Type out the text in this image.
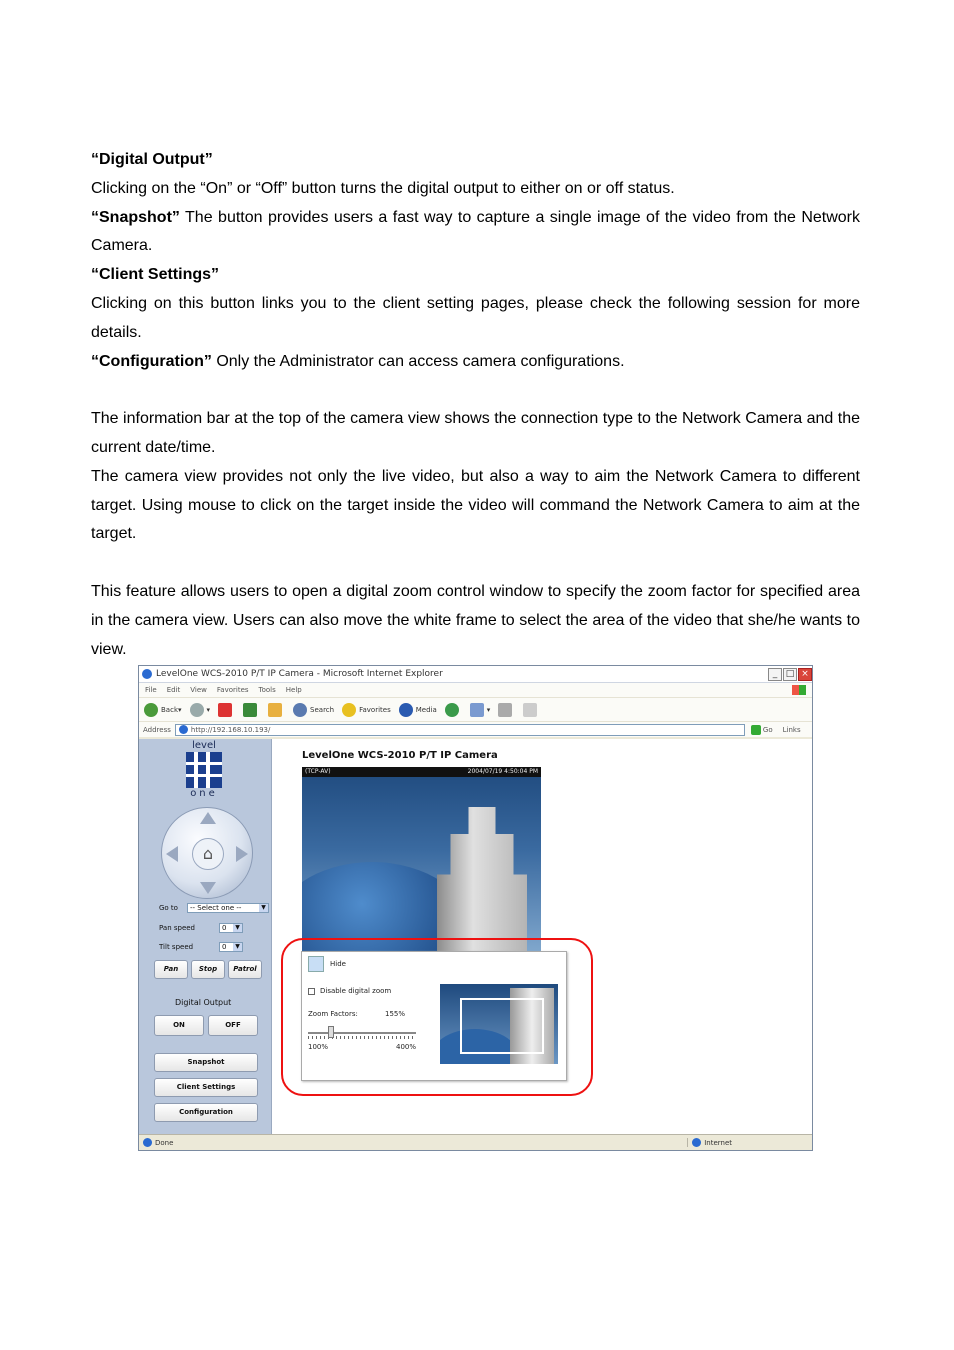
“Digital Output”

Clicking on the “On” or “Off” button turns the digital output to either on or off status.

“Snapshot” The button provides users a fast way to capture a single image of the video from the Network Camera.

“Client Settings”

Clicking on this button links you to the client setting pages, please check the following session for more details.

“Configuration” Only the Administrator can access camera configurations.

The information bar at the top of the camera view shows the connection type to the Network Camera and the current date/time.

The camera view provides not only the live video, but also a way to aim the Network Camera to different target. Using mouse to click on the target inside the video will command the Network Camera to aim at the target.

This feature allows users to open a digital zoom control window to specify the zoom factor for specified area in the camera view. Users can also move the white frame to select the area of the video that she/he wants to view.

LevelOne WCS-2010 P/T IP Camera - Microsoft Internet Explorer	_ □ ×
File Edit View Favorites Tools Help
Back ▾	▾	Search	Favorites	Media	▾
Address	http://192.168.10.193/	Go Links
level
one
⌂
Go to	-- Select one --	▼
Pan speed	0	▼
Tilt speed	0	▼
Pan	Stop	Patrol
Digital Output
ON	OFF
Snapshot
Client Settings
Configuration
LevelOne WCS-2010 P/T IP Camera
(TCP-AV)	2004/07/19 4:50:04 PM
Hide
Disable digital zoom
Zoom Factors:	155%
100%	400%
Done	Internet
